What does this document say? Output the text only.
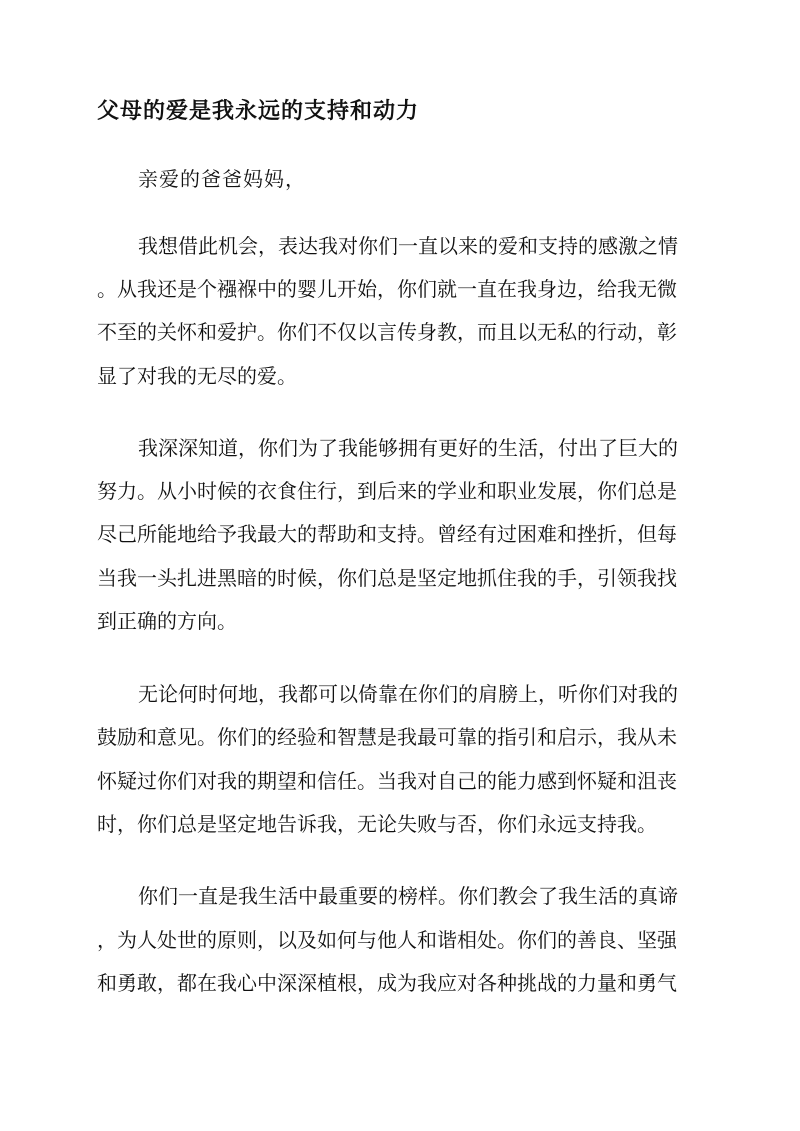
父母的爱是我永远的支持和动力
亲爱的爸爸妈妈，
我想借此机会，表达我对你们一直以来的爱和支持的感激之情
。从我还是个襁褓中的婴儿开始，你们就一直在我身边，给我无微
不至的关怀和爱护。你们不仅以言传身教，而且以无私的行动，彰
显了对我的无尽的爱。
我深深知道，你们为了我能够拥有更好的生活，付出了巨大的
努力。从小时候的衣食住行，到后来的学业和职业发展，你们总是
尽己所能地给予我最大的帮助和支持。曾经有过困难和挫折，但每
当我一头扎进黑暗的时候，你们总是坚定地抓住我的手，引领我找
到正确的方向。
无论何时何地，我都可以倚靠在你们的肩膀上，听你们对我的
鼓励和意见。你们的经验和智慧是我最可靠的指引和启示，我从未
怀疑过你们对我的期望和信任。当我对自己的能力感到怀疑和沮丧
时，你们总是坚定地告诉我，无论失败与否，你们永远支持我。
你们一直是我生活中最重要的榜样。你们教会了我生活的真谛
，为人处世的原则，以及如何与他人和谐相处。你们的善良、坚强
和勇敢，都在我心中深深植根，成为我应对各种挑战的力量和勇气
